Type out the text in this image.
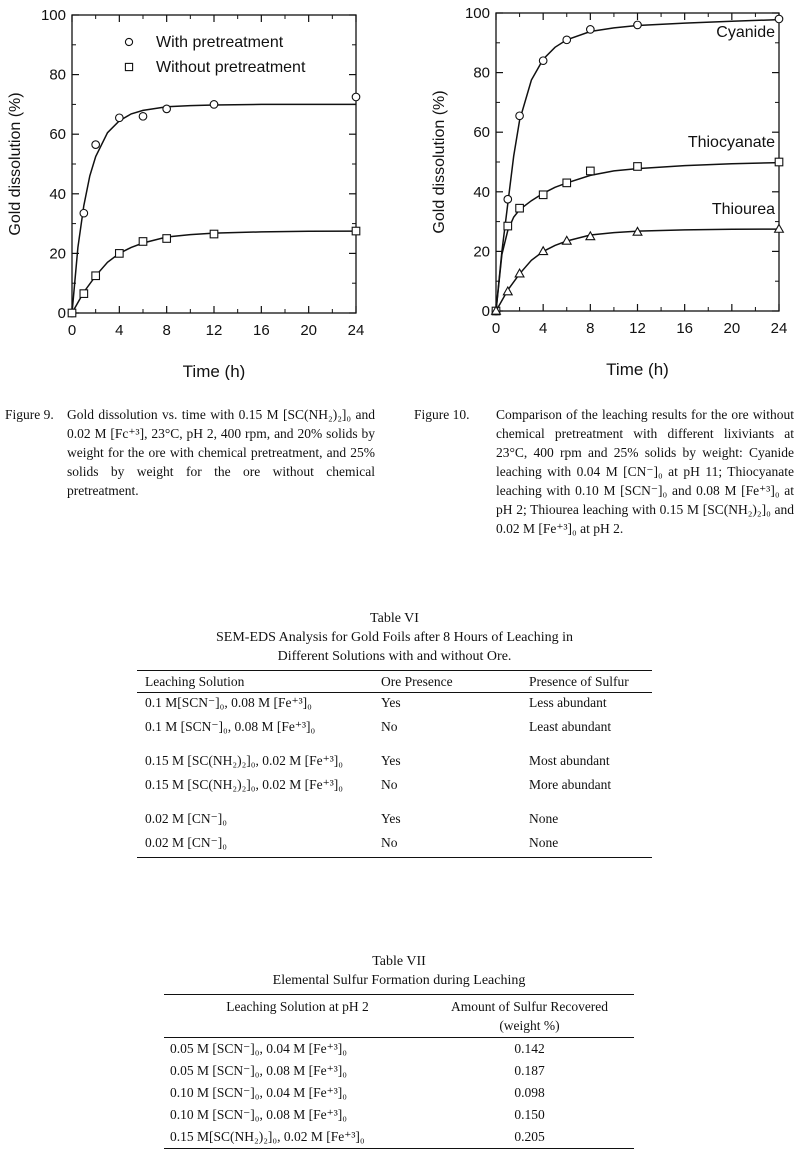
0	4	8 12 16 20 24
0
20
40
60
80
100
Time (h)
Gold dissolution (%)
With pretreatment
Without pretreatment
0	4	8 12 16 20 24
0
20
40
60
80
100
Time (h)
Gold dissolution (%)
Cyanide
Thiocyanate
Thiourea
Figure 9. Gold dissolution vs. time with 0.15 M [SC(NH₂)₂]₀ and 0.02 M [Fc⁺³], 23°C, pH 2, 400 rpm, and 20% solids by weight for the ore with chemical pretreatment, and 25% solids by weight for the ore without chemical pretreatment.
Figure 10. Comparison of the leaching results for the ore without chemical pretreatment with different lixiviants at 23°C, 400 rpm and 25% solids by weight: Cyanide leaching with 0.04 M [CN⁻]₀ at pH 11; Thiocyanate leaching with 0.10 M [SCN⁻]₀ and 0.08 M [Fe⁺³]₀ at pH 2; Thiourea leaching with 0.15 M [SC(NH₂)₂]₀ and 0.02 M [Fe⁺³]₀ at pH 2.
Table VI
SEM-EDS Analysis for Gold Foils after 8 Hours of Leaching in
Different Solutions with and without Ore.
Leaching Solution	Ore Presence	Presence of Sulfur
0.1 M[SCN⁻]₀, 0.08 M [Fe⁺³]₀	Yes	Less abundant
0.1 M [SCN⁻]₀, 0.08 M [Fe⁺³]₀	No	Least abundant

0.15 M [SC(NH₂)₂]₀, 0.02 M [Fe⁺³]₀	Yes	Most abundant
0.15 M [SC(NH₂)₂]₀, 0.02 M [Fe⁺³]₀	No	More abundant

0.02 M [CN⁻]₀	Yes	None
0.02 M [CN⁻]₀	No	None
Table VII
Elemental Sulfur Formation during Leaching
Leaching Solution at pH 2	Amount of Sulfur Recovered
(weight %)

0.05 M [SCN⁻]₀, 0.04 M [Fe⁺³]₀	0.142
0.05 M [SCN⁻]₀, 0.08 M [Fe⁺³]₀	0.187
0.10 M [SCN⁻]₀, 0.04 M [Fe⁺³]₀	0.098
0.10 M [SCN⁻]₀, 0.08 M [Fe⁺³]₀	0.150
0.15 M[SC(NH₂)₂]₀, 0.02 M [Fe⁺³]₀	0.205
